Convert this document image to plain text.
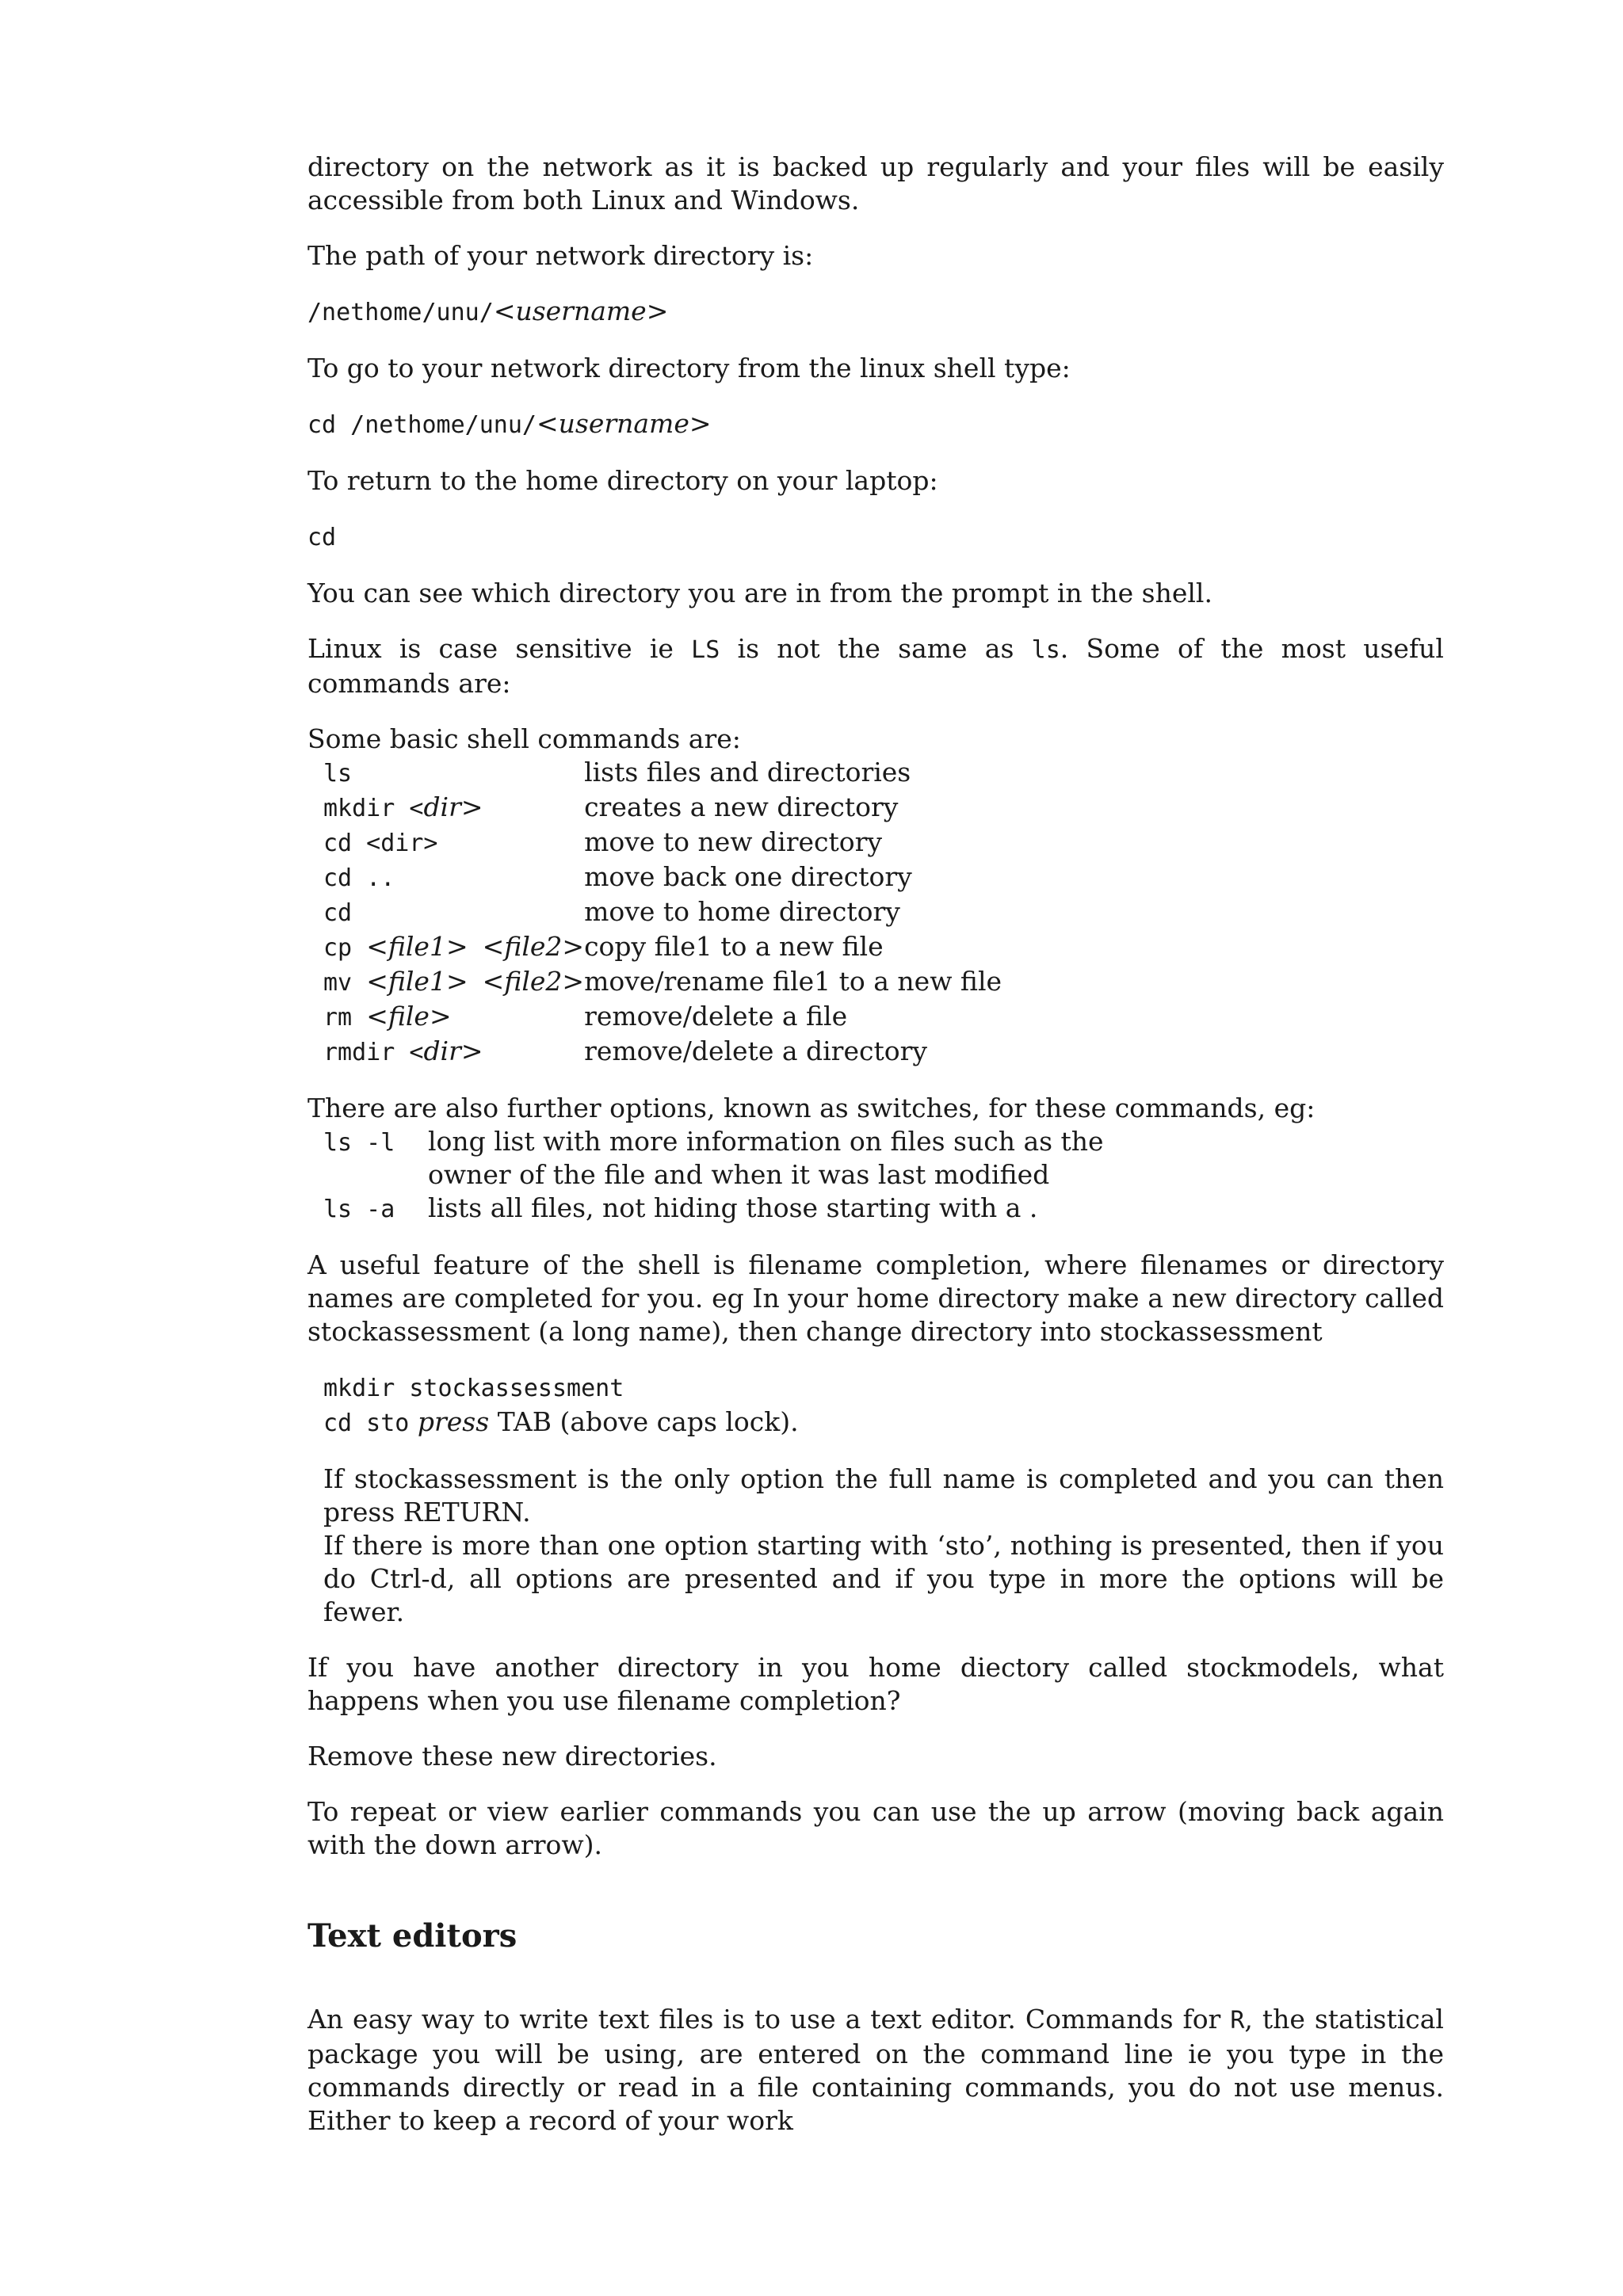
directory on the network as it is backed up regularly and your files will be easily accessible from both Linux and Windows.

The path of your network directory is:

/nethome/unu/<username>

To go to your network directory from the linux shell type:

cd /nethome/unu/<username>

To return to the home directory on your laptop:

cd

You can see which directory you are in from the prompt in the shell.

Linux is case sensitive ie LS is not the same as ls. Some of the most useful commands are:

Some basic shell commands are:

ls	lists files and directories
mkdir <dir>	creates a new directory
cd <dir>	move to new directory
cd ..	move back one directory
cd	move to home directory
cp <file1> <file2>	copy file1 to a new file
mv <file1> <file2>	move/rename file1 to a new file
rm <file>	remove/delete a file
rmdir <dir>	remove/delete a directory

There are also further options, known as switches, for these commands, eg:

ls -l	long list with more information on files such as the
owner of the file and when it was last modified

ls -a	lists all files, not hiding those starting with a .

A useful feature of the shell is filename completion, where filenames or directory names are completed for you. eg In your home directory make a new directory called stockassessment (a long name), then change directory into stockassessment

mkdir stockassessment
cd sto press TAB (above caps lock).

If stockassessment is the only option the full name is completed and you can then press RETURN.

If there is more than one option starting with ‘sto’, nothing is presented, then if you do Ctrl-d, all options are presented and if you type in more the options will be fewer.

If you have another directory in you home diectory called stockmodels, what happens when you use filename completion?

Remove these new directories.

To repeat or view earlier commands you can use the up arrow (moving back again with the down arrow).

Text editors

An easy way to write text files is to use a text editor. Commands for R, the statistical package you will be using, are entered on the command line ie you type in the commands directly or read in a file containing commands, you do not use menus. Either to keep a record of your work
